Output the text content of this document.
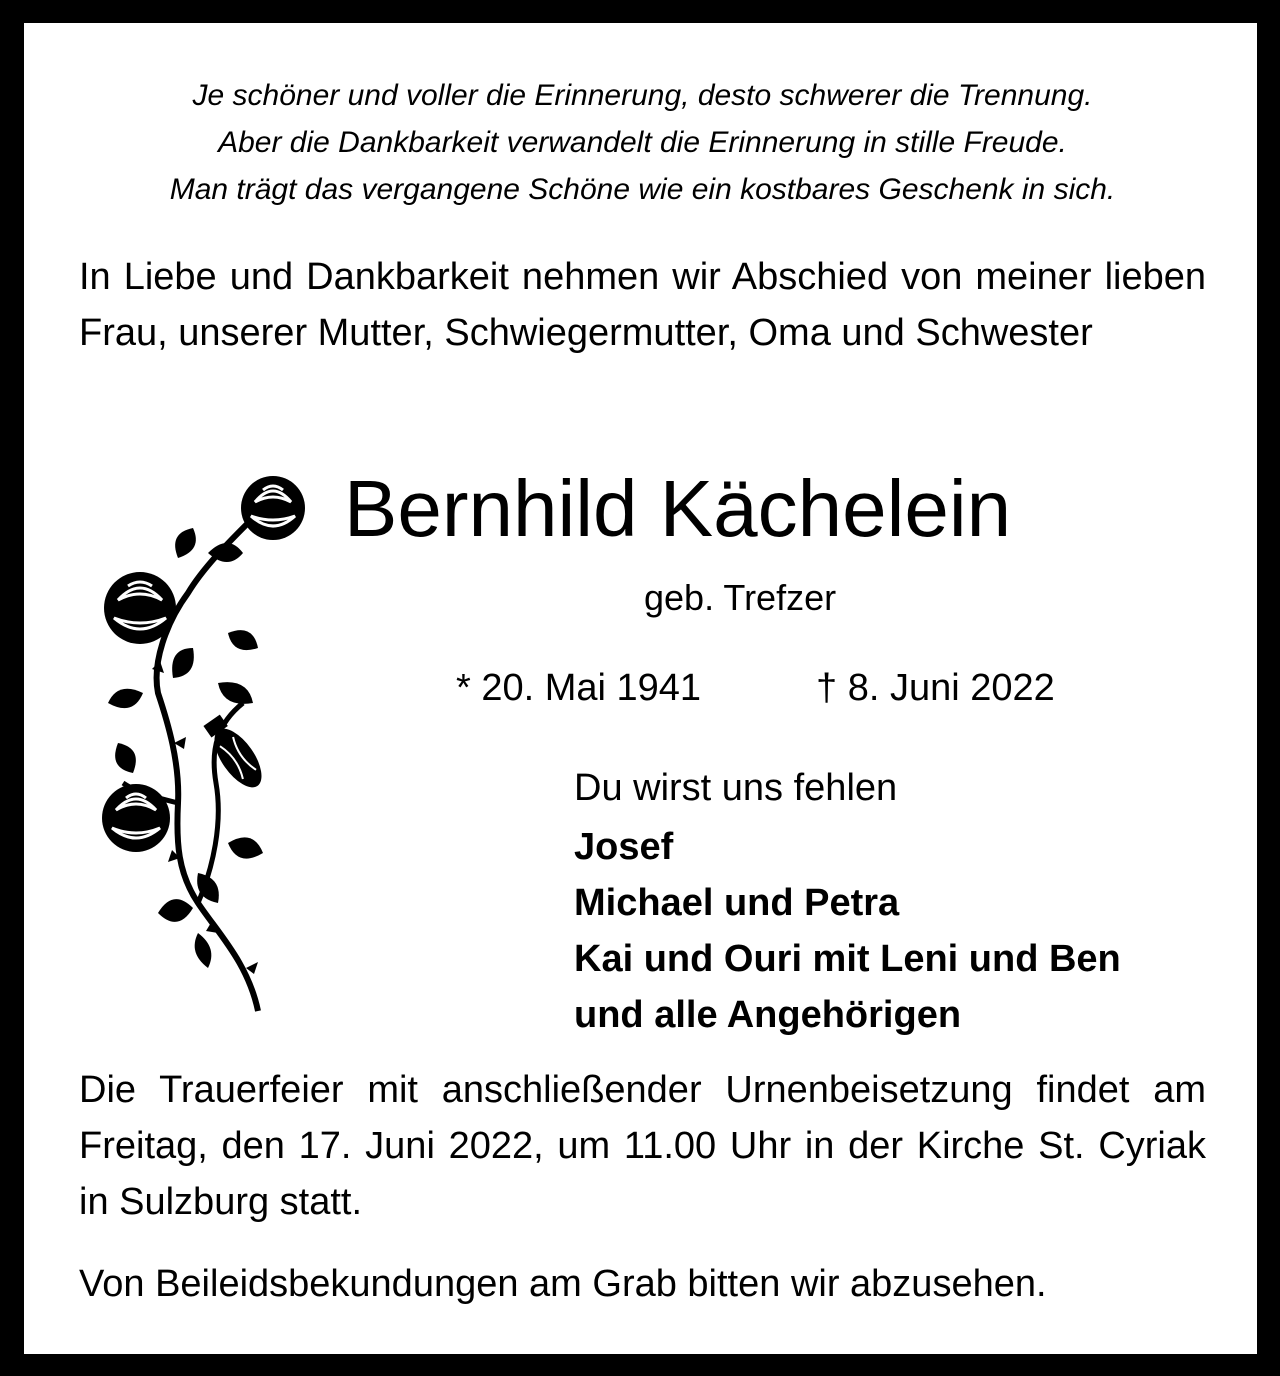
Je schöner und voller die Erinnerung, desto schwerer die Trennung.
Aber die Dankbarkeit verwandelt die Erinnerung in stille Freude.
Man trägt das vergangene Schöne wie ein kostbares Geschenk in sich.
In Liebe und Dankbarkeit nehmen wir Abschied von meiner lieben Frau, unserer Mutter, Schwiegermutter, Oma und Schwester
Bernhild Kächelein
geb. Trefzer
* 20. Mai 1941	† 8. Juni 2022
Du wirst uns fehlen
Josef
Michael und Petra
Kai und Ouri mit Leni und Ben
und alle Angehörigen
Die Trauerfeier mit anschließender Urnenbeisetzung findet am Freitag, den 17. Juni 2022, um 11.00 Uhr in der Kirche St. Cyriak in Sulzburg statt.
Von Beileidsbekundungen am Grab bitten wir abzusehen.
